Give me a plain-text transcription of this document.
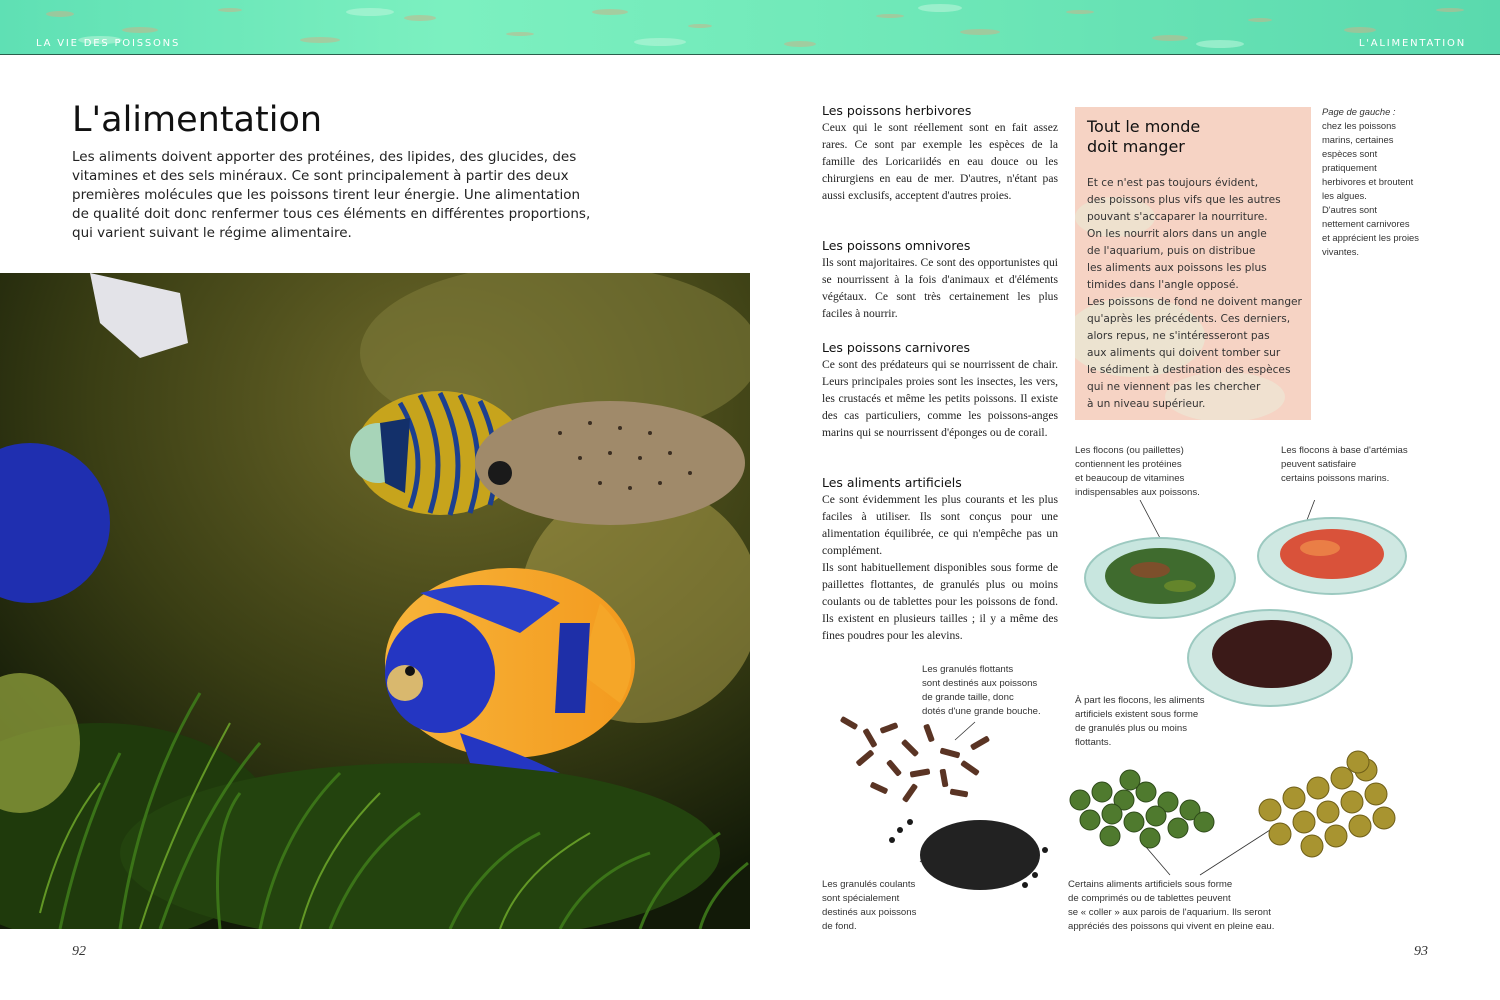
LA VIE DES POISSONS	L'ALIMENTATION
L'alimentation

Les aliments doivent apporter des protéines, des lipides, des glucides, des vitamines et des sels minéraux. Ce sont principalement à partir des deux premières molécules que les poissons tirent leur énergie. Une alimentation de qualité doit donc renfermer tous ces éléments en différentes proportions, qui varient suivant le régime alimentaire.

92
Les poissons herbivores

Ceux qui le sont réellement sont en fait assez rares. Ce sont par exemple les espèces de la famille des Loricariidés en eau douce ou les chirurgiens en eau de mer. D'autres, n'étant pas aussi exclusifs, acceptent d'autres proies.

Les poissons omnivores

Ils sont majoritaires. Ce sont des opportunistes qui se nourrissent à la fois d'animaux et d'éléments végétaux. Ce sont très certainement les plus faciles à nourrir.

Les poissons carnivores

Ce sont des prédateurs qui se nourrissent de chair. Leurs principales proies sont les insectes, les vers, les crustacés et même les petits poissons. Il existe des cas particuliers, comme les poissons-anges marins qui se nourrissent d'éponges ou de corail.

Les aliments artificiels

Ce sont évidemment les plus courants et les plus faciles à utiliser. Ils sont conçus pour une alimentation équilibrée, ce qui n'empêche pas un complément.

Ils sont habituellement disponibles sous forme de paillettes flottantes, de granulés plus ou moins coulants ou de tablettes pour les poissons de fond. Ils existent en plusieurs tailles ; il y a même des fines poudres pour les alevins.

Tout le monde
doit manger

Et ce n'est pas toujours évident,
des poissons plus vifs que les autres
pouvant s'accaparer la nourriture.
On les nourrit alors dans un angle
de l'aquarium, puis on distribue
les aliments aux poissons les plus
timides dans l'angle opposé.
Les poissons de fond ne doivent manger
qu'après les précédents. Ces derniers,
alors repus, ne s'intéresseront pas
aux aliments qui doivent tomber sur
le sédiment à destination des espèces
qui ne viennent pas les chercher
à un niveau supérieur.

Page de gauche :
chez les poissons
marins, certaines
espèces sont
pratiquement
herbivores et broutent
les algues.
D'autres sont
nettement carnivores
et apprécient les proies
vivantes.
Les flocons (ou paillettes)
contiennent les protéines
et beaucoup de vitamines
indispensables aux poissons.
Les flocons à base d'artémias
peuvent satisfaire
certains poissons marins.
Les granulés flottants
sont destinés aux poissons
de grande taille, donc
dotés d'une grande bouche.
À part les flocons, les aliments
artificiels existent sous forme
de granulés plus ou moins
flottants.
Les granulés coulants
sont spécialement
destinés aux poissons
de fond.
Certains aliments artificiels sous forme
de comprimés ou de tablettes peuvent
se « coller » aux parois de l'aquarium. Ils seront
appréciés des poissons qui vivent en pleine eau.
93
